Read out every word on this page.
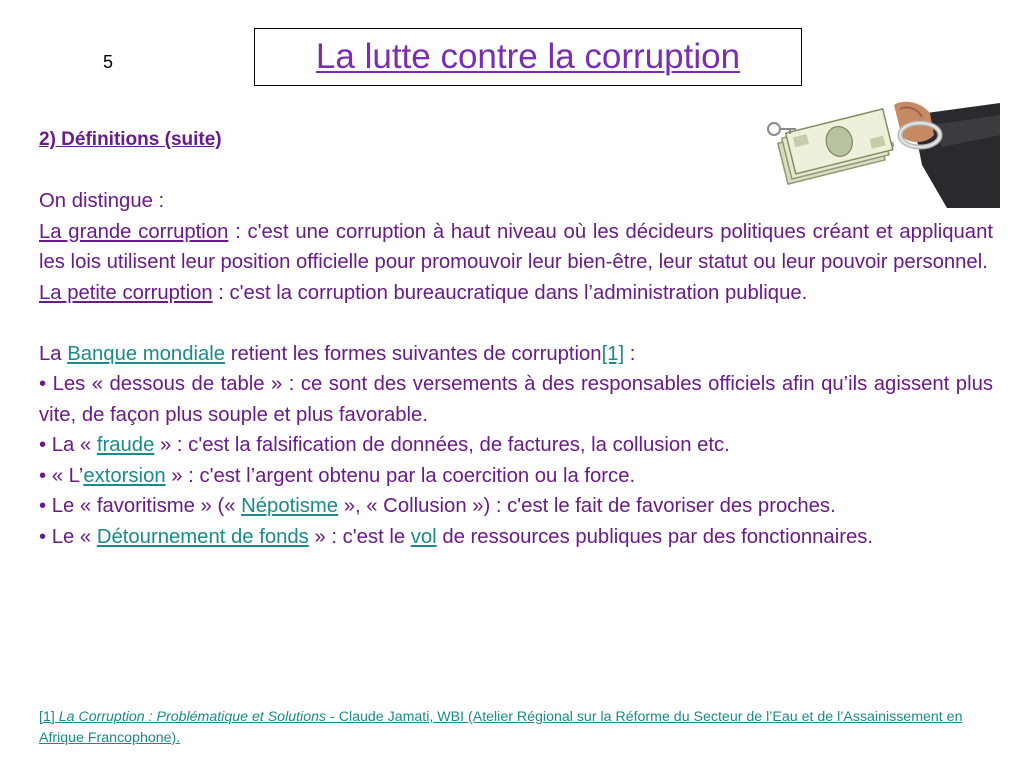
5	La lutte contre la corruption

2) Définitions (suite)

On distingue :

La grande corruption : c'est une corruption à haut niveau où les décideurs politiques créant et appliquant les lois utilisent leur position officielle pour promouvoir leur bien-être, leur statut ou leur pouvoir personnel.

La petite corruption : c'est la corruption bureaucratique dans l’administration publique.

La Banque mondiale retient les formes suivantes de corruption[1] :

• Les « dessous de table » : ce sont des versements à des responsables officiels afin qu’ils agissent plus vite, de façon plus souple et plus favorable.

• La « fraude » : c'est la falsification de données, de factures, la collusion etc.

• « L’extorsion » : c'est l’argent obtenu par la coercition ou la force.

• Le « favoritisme » (« Népotisme », « Collusion ») : c'est le fait de favoriser des proches.

• Le « Détournement de fonds » : c'est le vol de ressources publiques par des fonctionnaires.

[1] La Corruption : Problématique et Solutions - Claude Jamati, WBI (Atelier Régional sur la Réforme du Secteur de l’Eau et de l’Assainissement en Afrique Francophone).
